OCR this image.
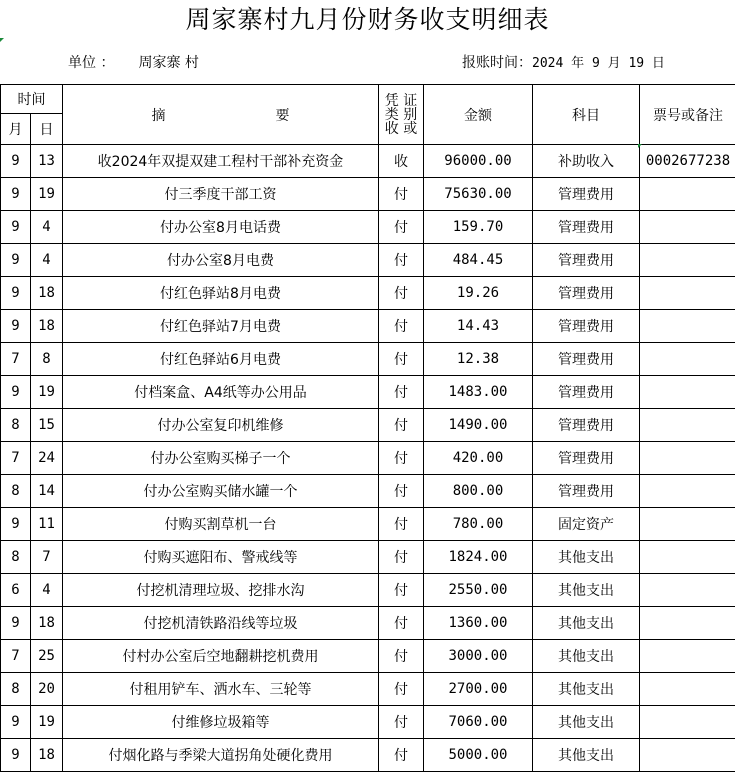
周家寨村九月份财务收支明细表
单位 ： 周家寨 村	报账时间：2024 年 9 月 19 日
时间		摘 要	凭 证
类 别
收 或	金额	科目	票号或备注
月	日					
9	13	收2024年双提双建工程村干部补充资金	收	96000.00	补助收入	0002677238
9	19	付三季度干部工资	付	75630.00	管理费用	
9	4	付办公室8月电话费	付	159.70	管理费用	
9	4	付办公室8月电费	付	484.45	管理费用	
9	18	付红色驿站8月电费	付	19.26	管理费用	
9	18	付红色驿站7月电费	付	14.43	管理费用	
7	8	付红色驿站6月电费	付	12.38	管理费用	
9	19	付档案盒、A4纸等办公用品	付	1483.00	管理费用	
8	15	付办公室复印机维修	付	1490.00	管理费用	
7	24	付办公室购买梯子一个	付	420.00	管理费用	
8	14	付办公室购买储水罐一个	付	800.00	管理费用	
9	11	付购买割草机一台	付	780.00	固定资产	
8	7	付购买遮阳布、警戒线等	付	1824.00	其他支出	
6	4	付挖机清理垃圾、挖排水沟	付	2550.00	其他支出	
9	18	付挖机清铁路沿线等垃圾	付	1360.00	其他支出	
7	25	付村办公室后空地翻耕挖机费用	付	3000.00	其他支出	
8	20	付租用铲车、洒水车、三轮等	付	2700.00	其他支出	
9	19	付维修垃圾箱等	付	7060.00	其他支出	
9	18	付烟化路与季梁大道拐角处硬化费用	付	5000.00	其他支出	
